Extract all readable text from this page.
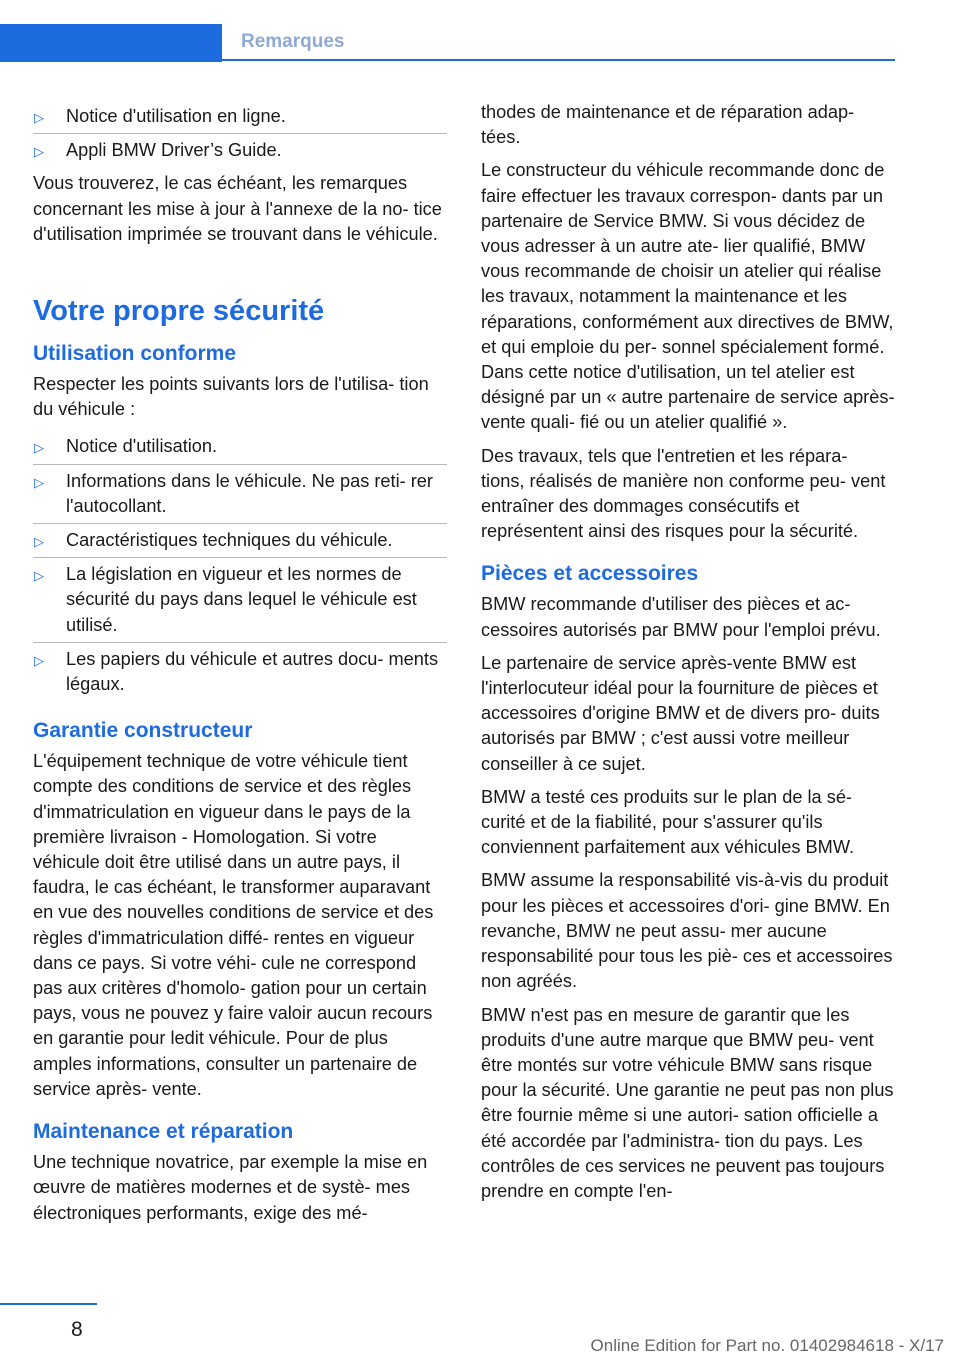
Remarques
▷ Notice d'utilisation en ligne.
▷ Appli BMW Driver’s Guide.

Vous trouverez, le cas échéant, les remarques concernant les mise à jour à l'annexe de la no‐ tice d'utilisation imprimée se trouvant dans le véhicule.

Votre propre sécurité
Utilisation conforme

Respecter les points suivants lors de l'utilisa‐ tion du véhicule :

▷ Notice d'utilisation.
▷ Informations dans le véhicule. Ne pas reti‐ rer l'autocollant.
▷ Caractéristiques techniques du véhicule.
▷ La législation en vigueur et les normes de sécurité du pays dans lequel le véhicule est utilisé.
▷ Les papiers du véhicule et autres docu‐ ments légaux.
Garantie constructeur

L'équipement technique de votre véhicule tient compte des conditions de service et des règles d'immatriculation en vigueur dans le pays de la première livraison - Homologation. Si votre véhicule doit être utilisé dans un autre pays, il faudra, le cas échéant, le transformer auparavant en vue des nouvelles conditions de service et des règles d'immatriculation diffé‐ rentes en vigueur dans ce pays. Si votre véhi‐ cule ne correspond pas aux critères d'homolo‐ gation pour un certain pays, vous ne pouvez y faire valoir aucun recours en garantie pour ledit véhicule. Pour de plus amples informations, consulter un partenaire de service après- vente.

Maintenance et réparation

Une technique novatrice, par exemple la mise en œuvre de matières modernes et de systè‐ mes électroniques performants, exige des mé‐

thodes de maintenance et de réparation adap‐ tées.

Le constructeur du véhicule recommande donc de faire effectuer les travaux correspon‐ dants par un partenaire de Service BMW. Si vous décidez de vous adresser à un autre ate‐ lier qualifié, BMW vous recommande de choisir un atelier qui réalise les travaux, notamment la maintenance et les réparations, conformément aux directives de BMW, et qui emploie du per‐ sonnel spécialement formé. Dans cette notice d'utilisation, un tel atelier est désigné par un « autre partenaire de service après-vente quali‐ fié ou un atelier qualifié ».

Des travaux, tels que l'entretien et les répara‐ tions, réalisés de manière non conforme peu‐ vent entraîner des dommages consécutifs et représentent ainsi des risques pour la sécurité.

Pièces et accessoires

BMW recommande d'utiliser des pièces et ac‐ cessoires autorisés par BMW pour l'emploi prévu.

Le partenaire de service après-vente BMW est l'interlocuteur idéal pour la fourniture de pièces et accessoires d'origine BMW et de divers pro‐ duits autorisés par BMW ; c'est aussi votre meilleur conseiller à ce sujet.

BMW a testé ces produits sur le plan de la sé‐ curité et de la fiabilité, pour s'assurer qu'ils conviennent parfaitement aux véhicules BMW.

BMW assume la responsabilité vis-à-vis du produit pour les pièces et accessoires d'ori‐ gine BMW. En revanche, BMW ne peut assu‐ mer aucune responsabilité pour tous les piè‐ ces et accessoires non agréés.

BMW n'est pas en mesure de garantir que les produits d'une autre marque que BMW peu‐ vent être montés sur votre véhicule BMW sans risque pour la sécurité. Une garantie ne peut pas non plus être fournie même si une autori‐ sation officielle a été accordée par l'administra‐ tion du pays. Les contrôles de ces services ne peuvent pas toujours prendre en compte l'en‐

8
Online Edition for Part no. 01402984618 - X/17
